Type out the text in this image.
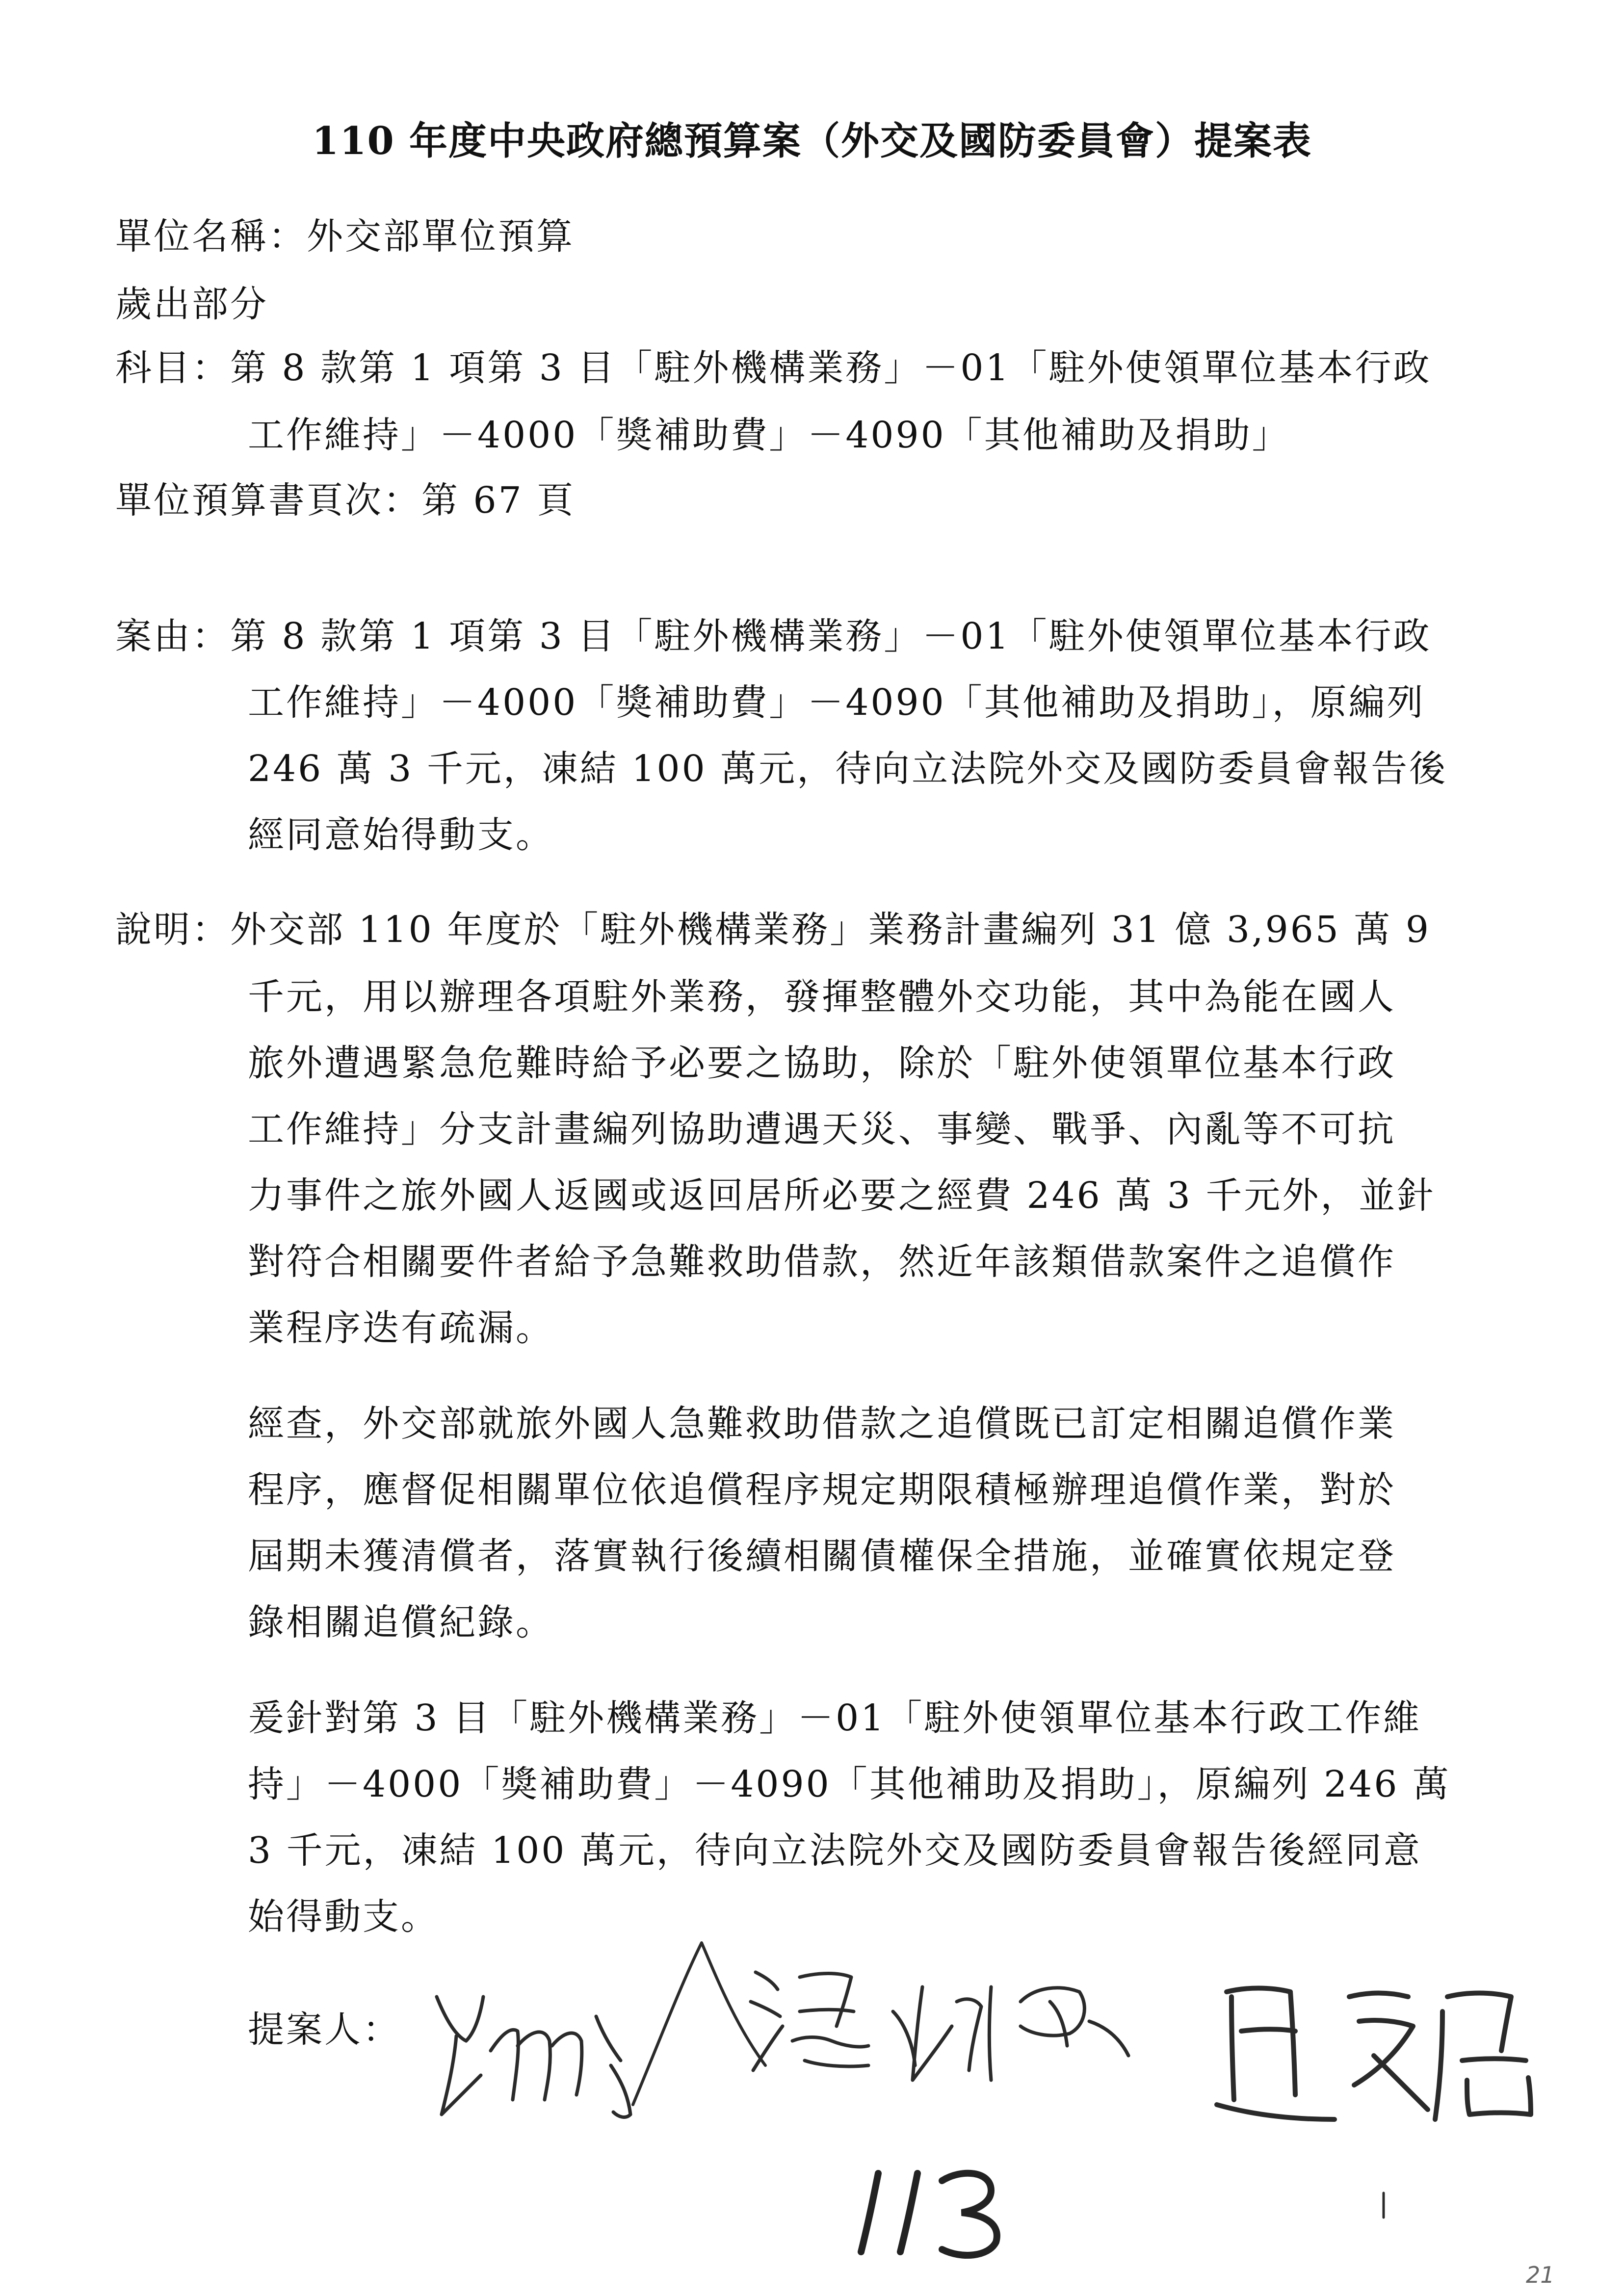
110 年度中央政府總預算案（外交及國防委員會）提案表
單位名稱：外交部單位預算
歲出部分
科目：第 8 款第 1 項第 3 目「駐外機構業務」－01「駐外使領單位基本行政
工作維持」－4000「獎補助費」－4090「其他補助及捐助」
單位預算書頁次：第 67 頁
案由：第 8 款第 1 項第 3 目「駐外機構業務」－01「駐外使領單位基本行政
工作維持」－4000「獎補助費」－4090「其他補助及捐助」，原編列
246 萬 3 千元，凍結 100 萬元，待向立法院外交及國防委員會報告後
經同意始得動支。
說明：外交部 110 年度於「駐外機構業務」業務計畫編列 31 億 3,965 萬 9
千元，用以辦理各項駐外業務，發揮整體外交功能，其中為能在國人
旅外遭遇緊急危難時給予必要之協助，除於「駐外使領單位基本行政
工作維持」分支計畫編列協助遭遇天災、事變、戰爭、內亂等不可抗
力事件之旅外國人返國或返回居所必要之經費 246 萬 3 千元外，並針
對符合相關要件者給予急難救助借款，然近年該類借款案件之追償作
業程序迭有疏漏。
經查，外交部就旅外國人急難救助借款之追償既已訂定相關追償作業
程序，應督促相關單位依追償程序規定期限積極辦理追償作業，對於
屆期未獲清償者，落實執行後續相關債權保全措施，並確實依規定登
錄相關追償紀錄。
爰針對第 3 目「駐外機構業務」－01「駐外使領單位基本行政工作維
持」－4000「獎補助費」－4090「其他補助及捐助」，原編列 246 萬
3 千元，凍結 100 萬元，待向立法院外交及國防委員會報告後經同意
始得動支。
提案人：
21
